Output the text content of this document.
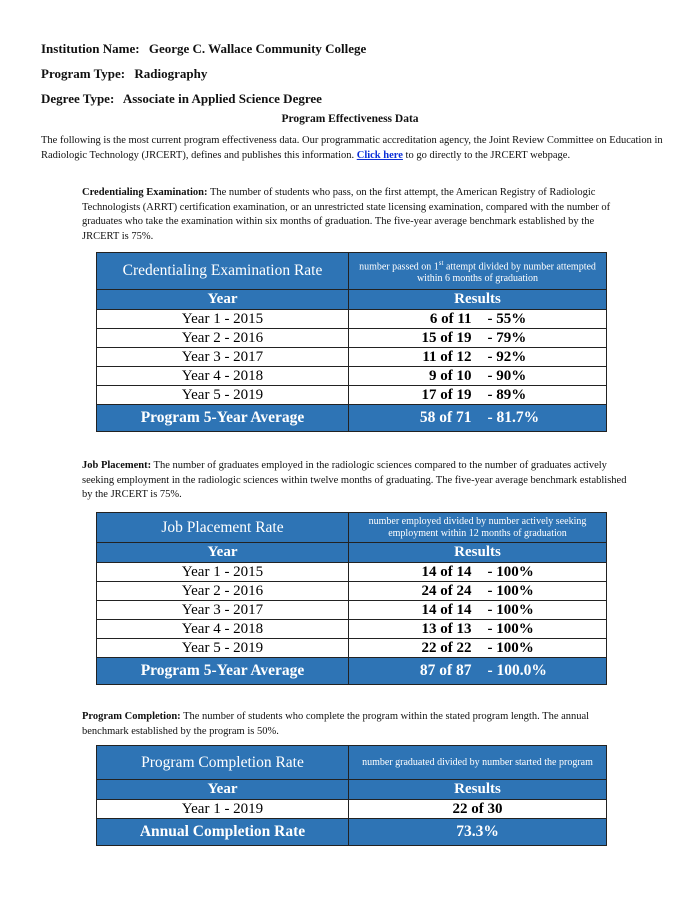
Institution Name: George C. Wallace Community College
Program Type: Radiography
Degree Type: Associate in Applied Science Degree
Program Effectiveness Data
The following is the most current program effectiveness data. Our programmatic accreditation agency, the Joint Review Committee on Education in Radiologic Technology (JRCERT), defines and publishes this information. Click here to go directly to the JRCERT webpage.
Credentialing Examination: The number of students who pass, on the first attempt, the American Registry of Radiologic Technologists (ARRT) certification examination, or an unrestricted state licensing examination, compared with the number of graduates who take the examination within six months of graduation. The five-year average benchmark established by the JRCERT is 75%.
Credentialing Examination Rate	number passed on 1st attempt divided by number attempted within 6 months of graduation
Year	Results
Year 1 - 2015	6 of 11 - 55%

Year 2 - 2016	15 of 19 - 79%

Year 3 - 2017	11 of 12 - 92%

Year 4 - 2018	9 of 10 - 90%

Year 5 - 2019	17 of 19 - 89%

Program 5-Year Average	58 of 71 - 81.7%
Job Placement: The number of graduates employed in the radiologic sciences compared to the number of graduates actively seeking employment in the radiologic sciences within twelve months of graduating. The five-year average benchmark established by the JRCERT is 75%.
Job Placement Rate	number employed divided by number actively seeking employment within 12 months of graduation
Year	Results
Year 1 - 2015	14 of 14 - 100%

Year 2 - 2016	24 of 24 - 100%

Year 3 - 2017	14 of 14 - 100%

Year 4 - 2018	13 of 13 - 100%

Year 5 - 2019	22 of 22 - 100%

Program 5-Year Average	87 of 87 - 100.0%
Program Completion: The number of students who complete the program within the stated program length. The annual benchmark established by the program is 50%.
Program Completion Rate	number graduated divided by number started the program
Year	Results
Year 1 - 2019	22 of 30
Annual Completion Rate	73.3%
